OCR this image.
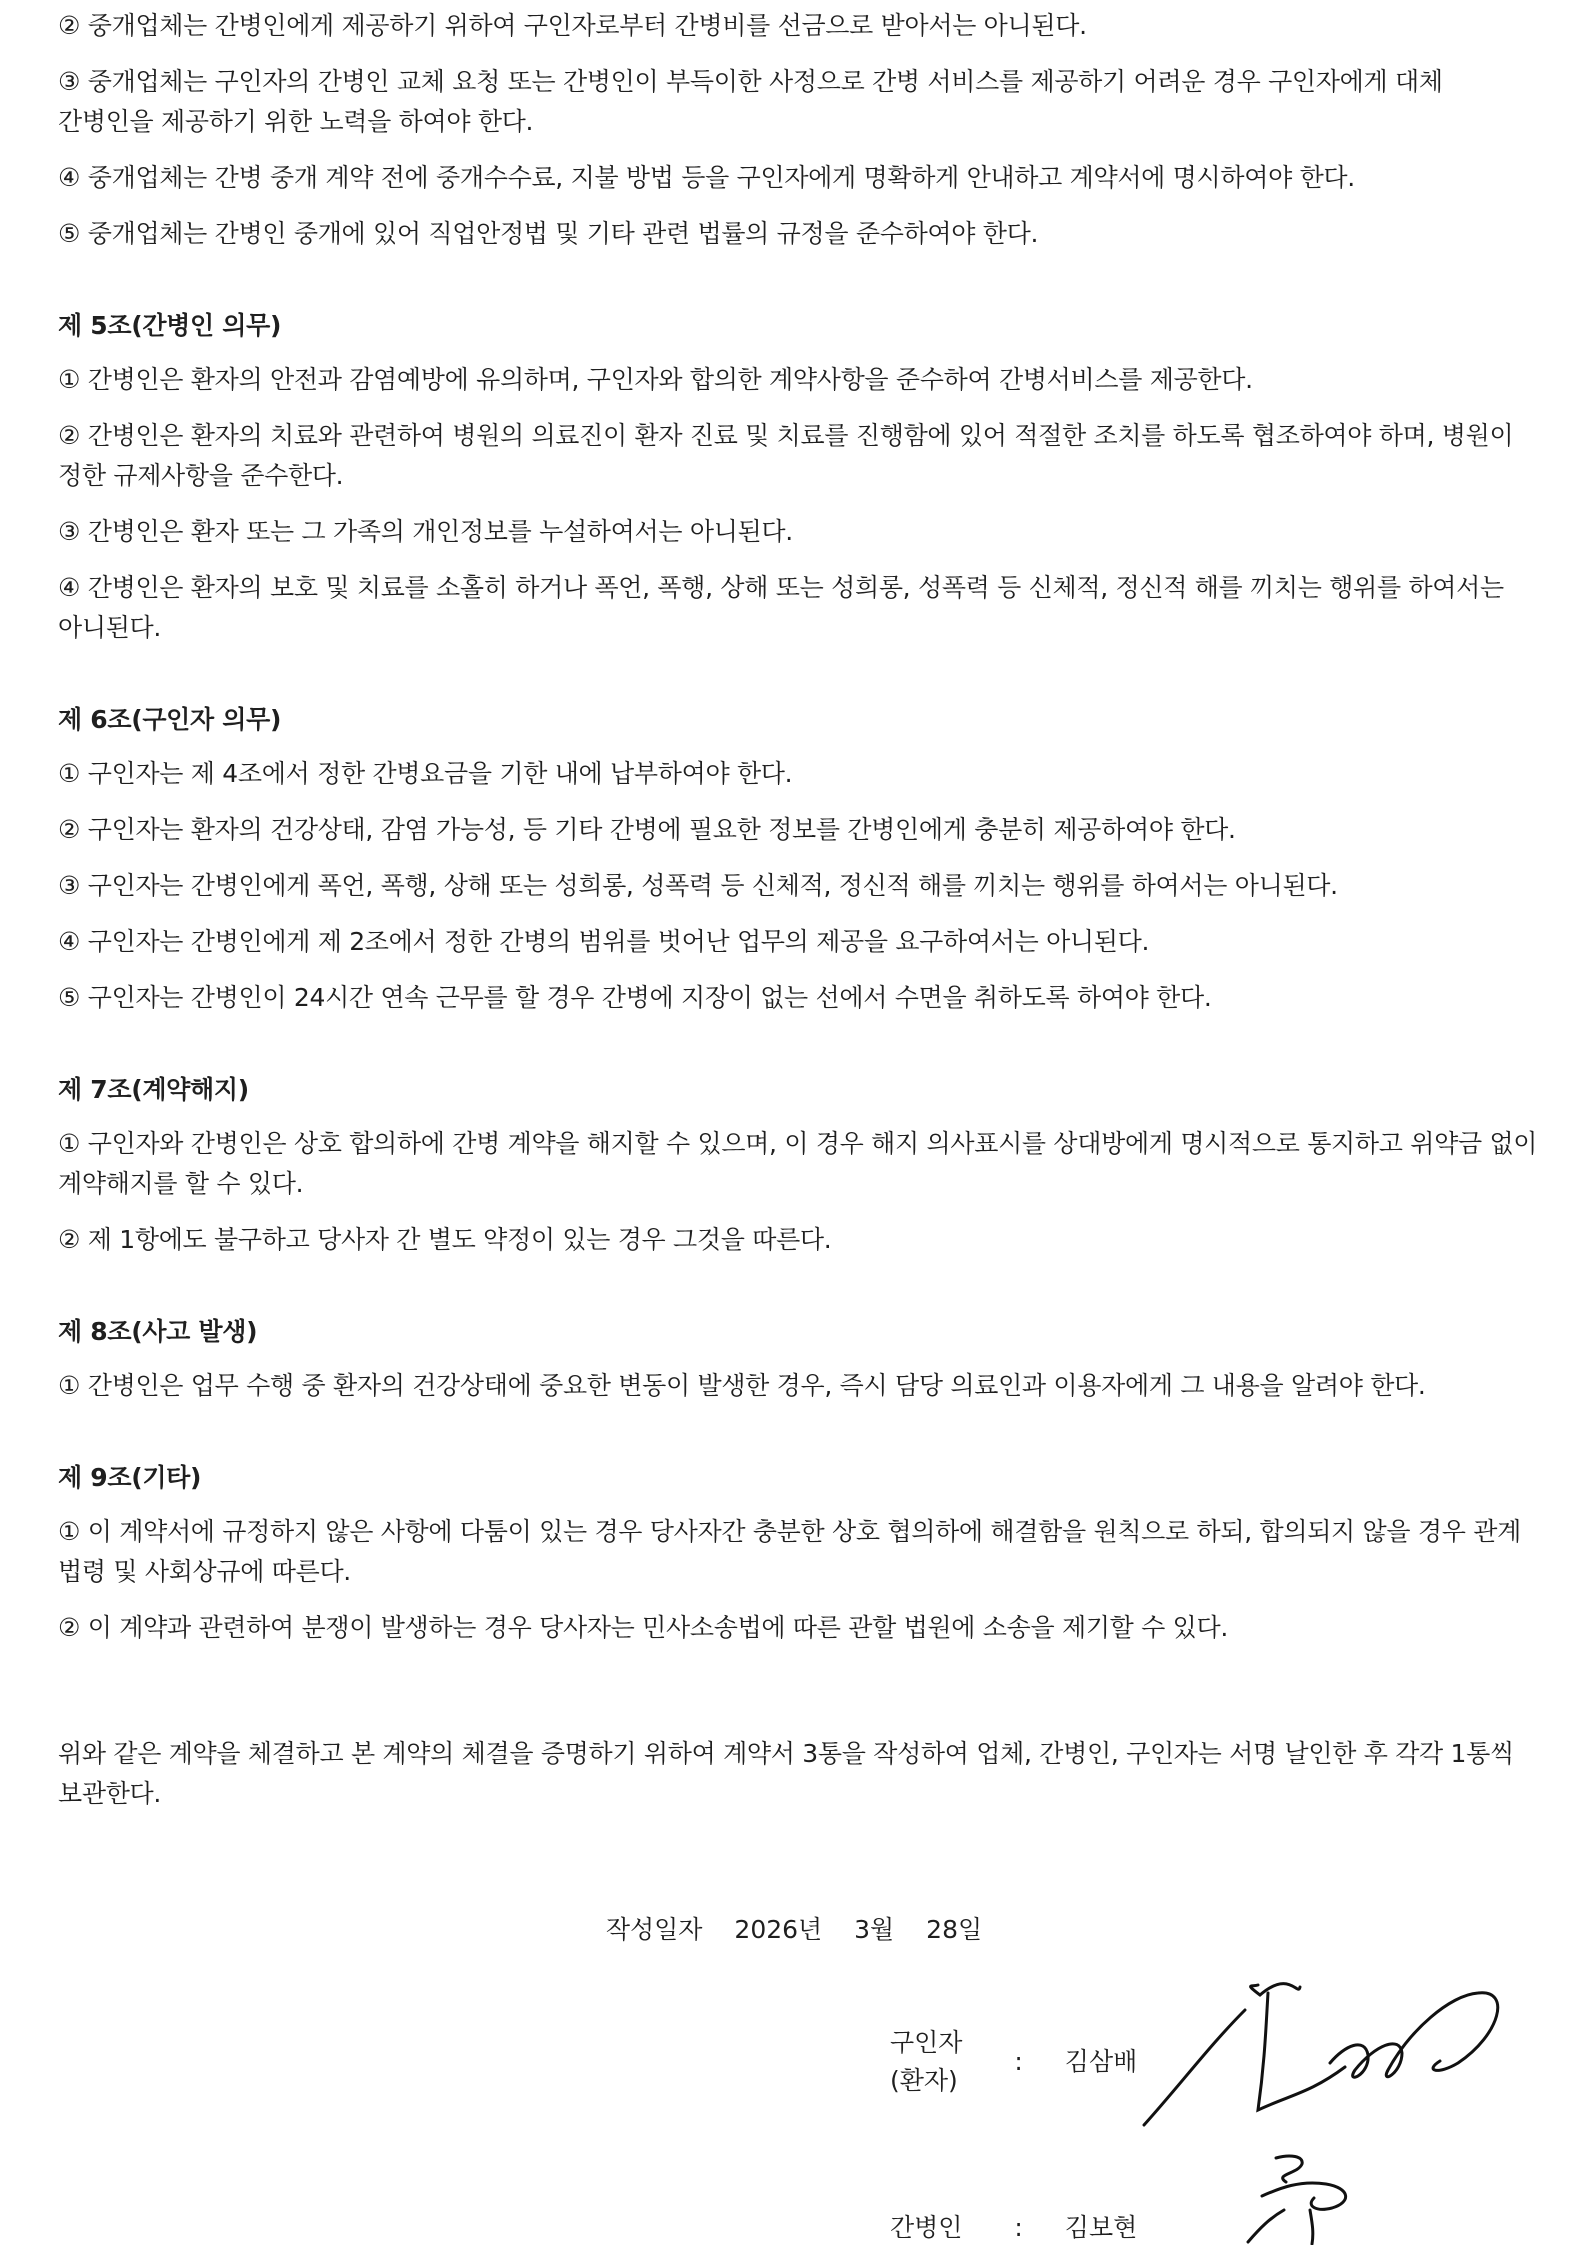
② 중개업체는 간병인에게 제공하기 위하여 구인자로부터 간병비를 선금으로 받아서는 아니된다.

③ 중개업체는 구인자의 간병인 교체 요청 또는 간병인이 부득이한 사정으로 간병 서비스를 제공하기 어려운 경우 구인자에게 대체 간병인을 제공하기 위한 노력을 하여야 한다.

④ 중개업체는 간병 중개 계약 전에 중개수수료, 지불 방법 등을 구인자에게 명확하게 안내하고 계약서에 명시하여야 한다.

⑤ 중개업체는 간병인 중개에 있어 직업안정법 및 기타 관련 법률의 규정을 준수하여야 한다.

제 5조(간병인 의무)

① 간병인은 환자의 안전과 감염예방에 유의하며, 구인자와 합의한 계약사항을 준수하여 간병서비스를 제공한다.

② 간병인은 환자의 치료와 관련하여 병원의 의료진이 환자 진료 및 치료를 진행함에 있어 적절한 조치를 하도록 협조하여야 하며, 병원이 정한 규제사항을 준수한다.

③ 간병인은 환자 또는 그 가족의 개인정보를 누설하여서는 아니된다.

④ 간병인은 환자의 보호 및 치료를 소홀히 하거나 폭언, 폭행, 상해 또는 성희롱, 성폭력 등 신체적, 정신적 해를 끼치는 행위를 하여서는 아니된다.

제 6조(구인자 의무)

① 구인자는 제 4조에서 정한 간병요금을 기한 내에 납부하여야 한다.

② 구인자는 환자의 건강상태, 감염 가능성, 등 기타 간병에 필요한 정보를 간병인에게 충분히 제공하여야 한다.

③ 구인자는 간병인에게 폭언, 폭행, 상해 또는 성희롱, 성폭력 등 신체적, 정신적 해를 끼치는 행위를 하여서는 아니된다.

④ 구인자는 간병인에게 제 2조에서 정한 간병의 범위를 벗어난 업무의 제공을 요구하여서는 아니된다.

⑤ 구인자는 간병인이 24시간 연속 근무를 할 경우 간병에 지장이 없는 선에서 수면을 취하도록 하여야 한다.

제 7조(계약해지)

① 구인자와 간병인은 상호 합의하에 간병 계약을 해지할 수 있으며, 이 경우 해지 의사표시를 상대방에게 명시적으로 통지하고 위약금 없이 계약해지를 할 수 있다.

② 제 1항에도 불구하고 당사자 간 별도 약정이 있는 경우 그것을 따른다.

제 8조(사고 발생)

① 간병인은 업무 수행 중 환자의 건강상태에 중요한 변동이 발생한 경우, 즉시 담당 의료인과 이용자에게 그 내용을 알려야 한다.

제 9조(기타)

① 이 계약서에 규정하지 않은 사항에 다툼이 있는 경우 당사자간 충분한 상호 협의하에 해결함을 원칙으로 하되, 합의되지 않을 경우 관계 법령 및 사회상규에 따른다.

② 이 계약과 관련하여 분쟁이 발생하는 경우 당사자는 민사소송법에 따른 관할 법원에 소송을 제기할 수 있다.

위와 같은 계약을 체결하고 본 계약의 체결을 증명하기 위하여 계약서 3통을 작성하여 업체, 간병인, 구인자는 서명 날인한 후 각각 1통씩 보관한다.

작성일자 2026년 3월 28일
구인자
(환자) : 김삼배
간병인 : 김보현
